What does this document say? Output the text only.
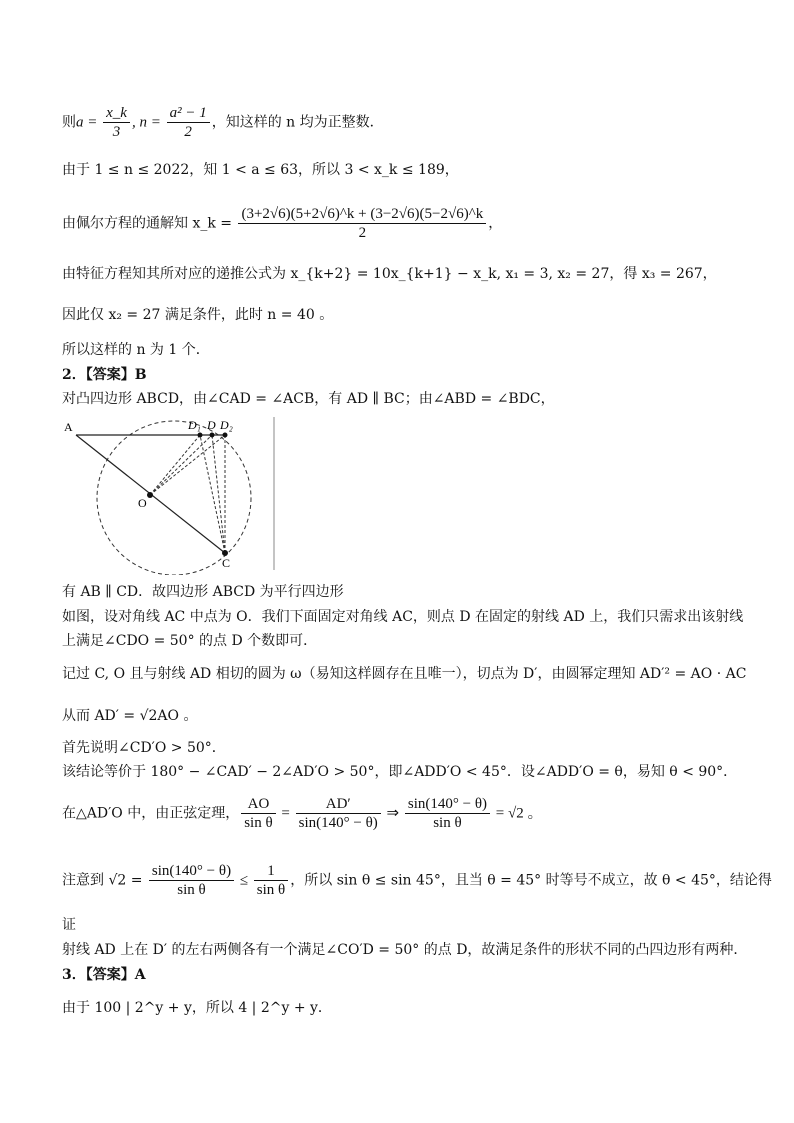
则$a = \frac{x\_k}{3}$ , $n = \frac{\text{a² − 1}}{2}$ ，知这样的 n 均为正整数．
由于 1 ≤ n ≤ 2022，知 1 < a ≤ 63，所以 3 < x_k ≤ 189，
由佩尔方程的通解知 x_k = $\frac{(3+2√6)(5+2√6)\^{}k + (3-2√6)(5-2√6)\^{}k}{2}$ ，
由特征方程知其所对应的递推公式为 x_{k+2} = 10x_{k+1} − x_k, x₁ = 3, x₂ = 27，得 x₃ = 267，
因此仅 x₂ = 27 满足条件，此时 n = 40 。
所以这样的 n 为 1 个．
2．【答案】B
对凸四边形 ABCD，由∠CAD = ∠ACB，有 AD ∥ BC；由∠ABD = ∠BDC，
A
O
C
D₁ D D₂
有 AB ∥ CD．故四边形 ABCD 为平行四边形
如图，设对角线 AC 中点为 O．我们下面固定对角线 AC，则点 D 在固定的射线 AD 上，我们只需求出该射线
上满足∠CDO = 50° 的点 D 个数即可．
记过 C, O 且与射线 AD 相切的圆为 ω（易知这样圆存在且唯一），切点为 D′，由圆幂定理知 AD′² = AO · AC
从而 AD′ = √2AO 。
首先说明∠CD′O > 50°．
该结论等价于 180° − ∠CAD′ − 2∠AD′O > 50°，即∠ADD′O < 45°．设∠ADD′O = θ，易知 θ < 90°．
在△AD′O 中，由正弦定理， $\frac{AO}{\text{sin θ}} = \frac{AD'}{\sin(140^\circ - \theta)}$ ⇒ $\frac{\sin(140^\circ - \theta)}{\text{sin θ}} = √2$ 。
注意到 $√2 = \frac{\sin(140^\circ - \theta)}{\text{sin θ}} \le \frac{1}{\text{sin θ}}$ ，所以 sin θ ≤ sin 45°，且当 θ = 45° 时等号不成立，故 θ < 45°，结论得
证
射线 AD 上在 D′ 的左右两侧各有一个满足∠CO′D = 50° 的点 D，故满足条件的形状不同的凸四边形有两种．
3．【答案】A
由于 100 | 2^y + y，所以 4 | 2^y + y．
